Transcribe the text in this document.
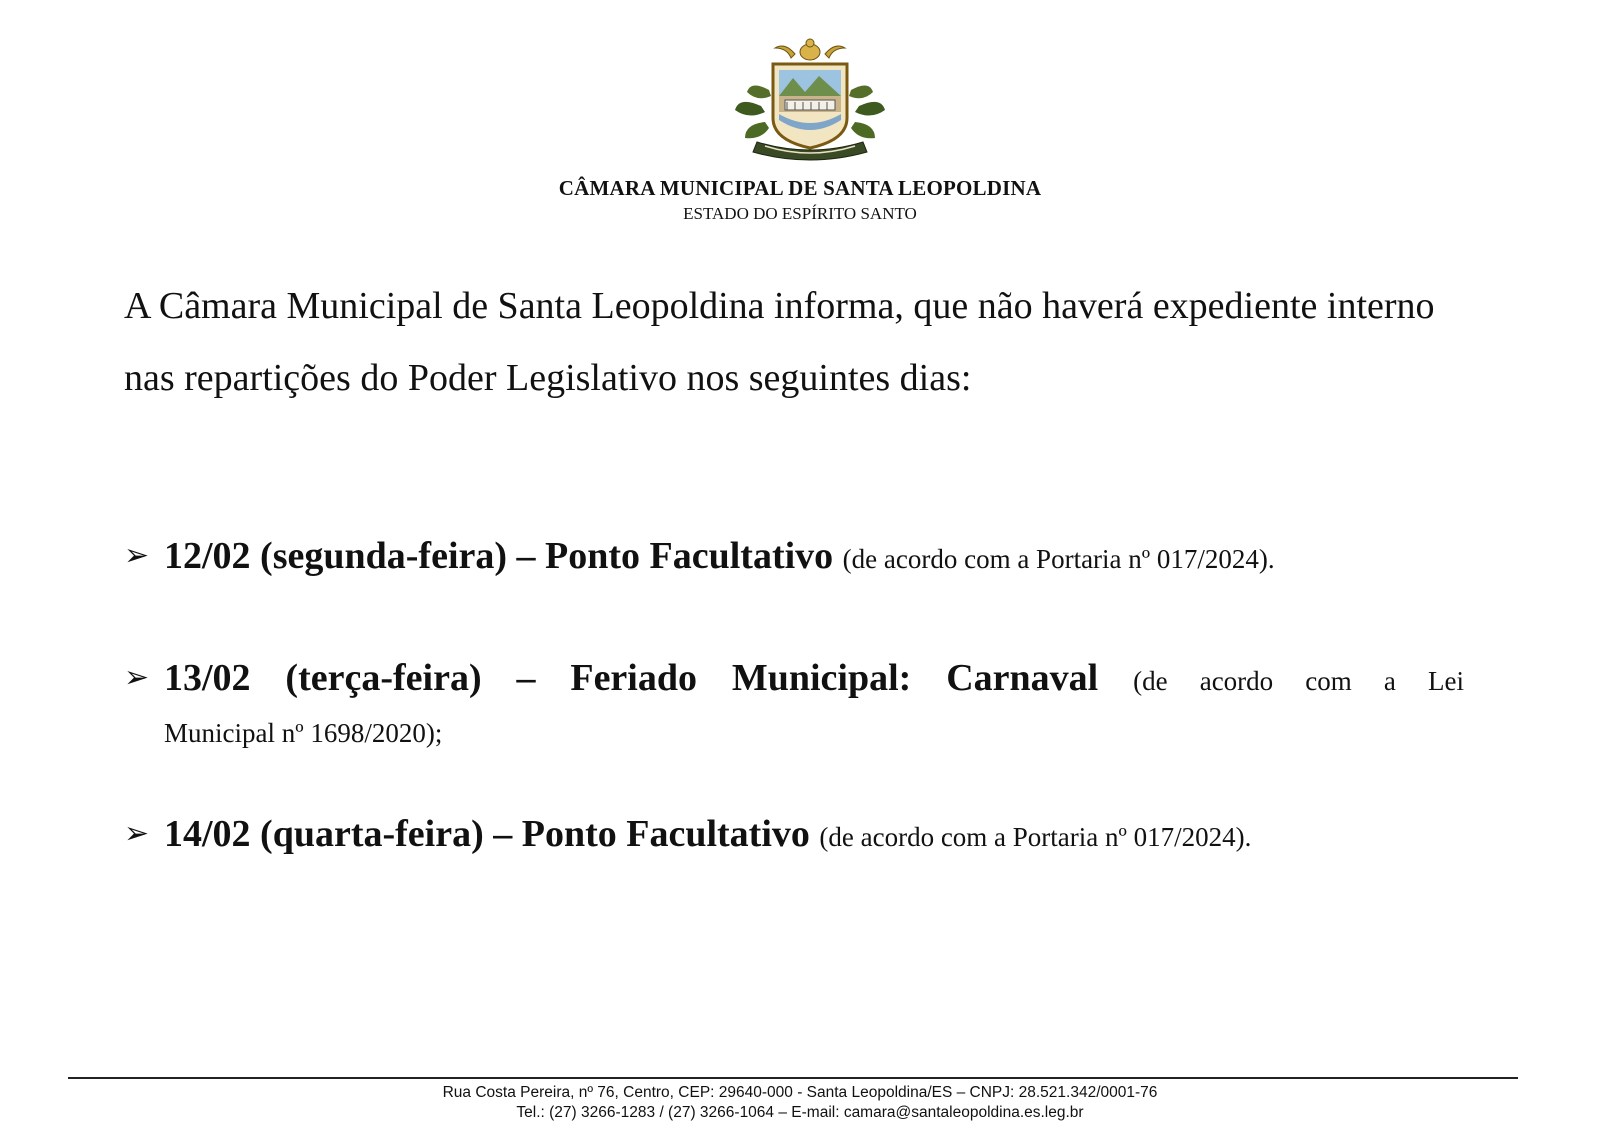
CÂMARA MUNICIPAL DE SANTA LEOPOLDINA
ESTADO DO ESPÍRITO SANTO

A Câmara Municipal de Santa Leopoldina informa, que não haverá expediente interno nas repartições do Poder Legislativo nos seguintes dias:

➢ 12/02 (segunda-feira) – Ponto Facultativo (de acordo com a Portaria nº 017/2024).
➢ 13/02 (terça-feira) – Feriado Municipal: Carnaval (de acordo com a Lei
Municipal nº 1698/2020);
➢ 14/02 (quarta-feira) – Ponto Facultativo (de acordo com a Portaria nº 017/2024).
Rua Costa Pereira, nº 76, Centro, CEP: 29640-000 - Santa Leopoldina/ES – CNPJ: 28.521.342/0001-76
Tel.: (27) 3266-1283 / (27) 3266-1064 – E-mail: camara@santaleopoldina.es.leg.br
